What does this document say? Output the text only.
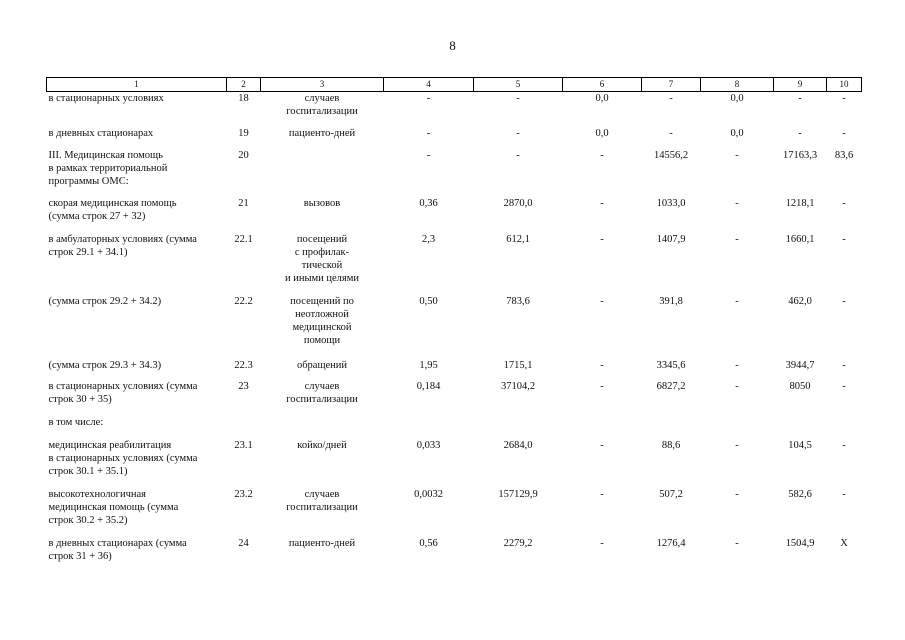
8
1	2	3	4	5	6	7	8	9	10

в стационарных условиях	18	случаев
госпитализации	-	-	0,0	-	0,0	-	-

в дневных стационарах	19	пациенто-дней	-	-	0,0	-	0,0	-	-

III. Медицинская помощь
в рамках территориальной
программы ОМС:	20		-	-	-	14556,2	-	17163,3	83,6

скорая медицинская помощь
(сумма строк 27 + 32)	21	вызовов	0,36	2870,0	-	1033,0	-	1218,1	-

в амбулаторных условиях (сумма
строк 29.1 + 34.1)	22.1	посещений
с профилак-
тической
и иными целями	2,3	612,1	-	1407,9	-	1660,1	-

(сумма строк 29.2 + 34.2)	22.2	посещений по
неотложной
медицинской
помощи	0,50	783,6	-	391,8	-	462,0	-

(сумма строк 29.3 + 34.3)	22.3	обращений	1,95	1715,1	-	3345,6	-	3944,7	-

в стационарных условиях (сумма
строк 30 + 35)	23	случаев
госпитализации	0,184	37104,2	-	6827,2	-	8050	-

в том числе:									

медицинская реабилитация
в стационарных условиях (сумма
строк 30.1 + 35.1)	23.1	койко/дней	0,033	2684,0	-	88,6	-	104,5	-

высокотехнологичная
медицинская помощь (сумма
строк 30.2 + 35.2)	23.2	случаев
госпитализации	0,0032	157129,9	-	507,2	-	582,6	-

в дневных стационарах (сумма
строк 31 + 36)	24	пациенто-дней	0,56	2279,2	-	1276,4	-	1504,9	Х
